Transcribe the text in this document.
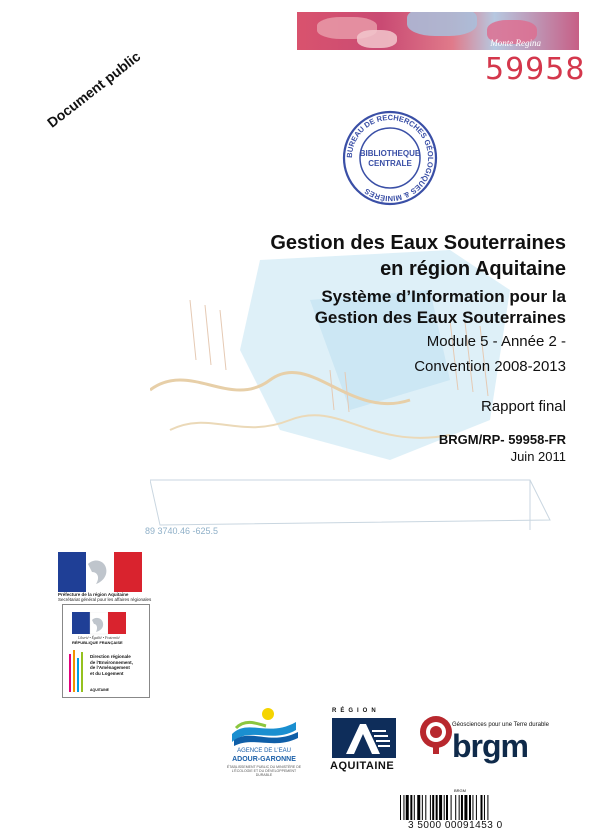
Monte Regina
59958
Document public
BUREAU DE RECHERCHES GÉOLOGIQUES & MINIÈRES
BIBLIOTHEQUE
CENTRALE
Gestion des Eaux Souterraines
en région Aquitaine
Système d’Information pour la
Gestion des Eaux Souterraines
Module 5 - Année 2 -
Convention 2008-2013
Rapport final
BRGM/RP- 59958-FR
Juin 2011
89 3740.46 -625.5
Préfecture de la région Aquitaine
Secrétariat général pour les affaires régionales
Liberté • Égalité • Fraternité
RÉPUBLIQUE FRANÇAISE
Direction régionale
de l'Environnement,
de l'Aménagement
et du Logement
AQUITAINE
AGENCE DE L'EAU
ADOUR-GARONNE
ÉTABLISSEMENT PUBLIC DU MINISTÈRE DE L'ÉCOLOGIE ET DU DÉVELOPPEMENT DURABLE
RÉGION
AQUITAINE
Géosciences pour une Terre durable
brgm
BRGM
3 5000 00091453 0
